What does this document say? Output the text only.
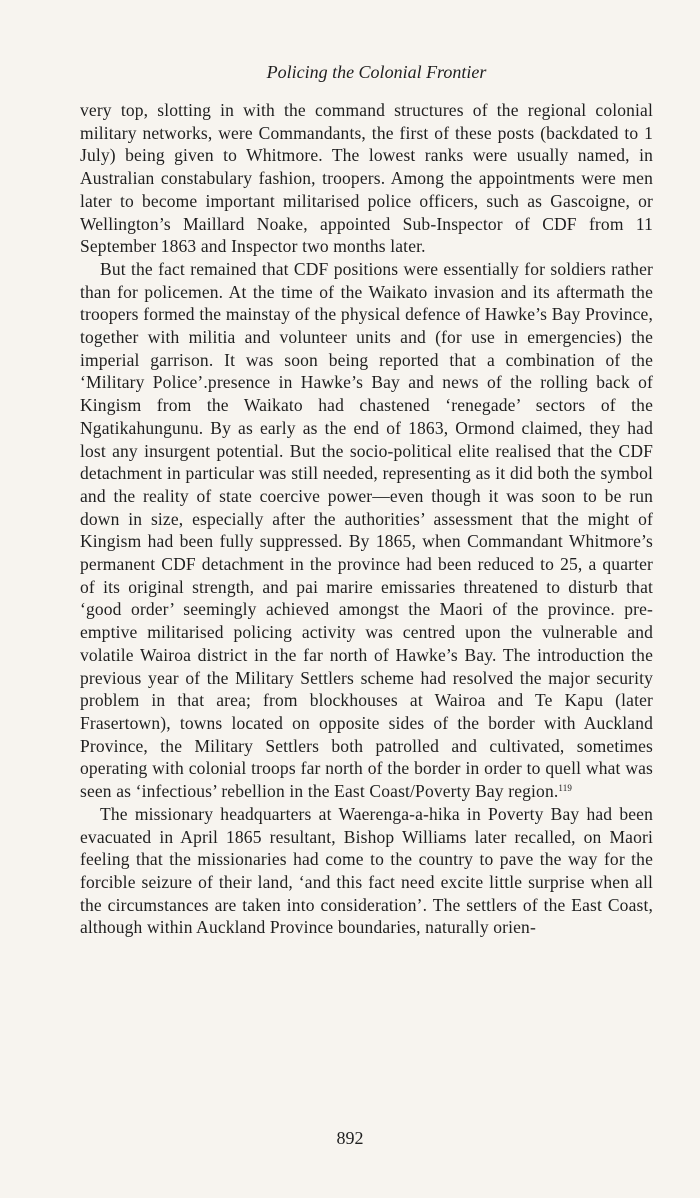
Policing the Colonial Frontier

very top, slotting in with the command structures of the regional colonial military networks, were Commandants, the first of these posts (backdated to 1 July) being given to Whitmore. The lowest ranks were usually named, in Australian constabulary fashion, troopers. Among the appointments were men later to become important militarised police officers, such as Gascoigne, or Wellington’s Maillard Noake, appointed Sub-Inspector of CDF from 11 September 1863 and Inspector two months later.

But the fact remained that CDF positions were essentially for soldiers rather than for policemen. At the time of the Waikato invasion and its aftermath the troopers formed the mainstay of the physical defence of Hawke’s Bay Province, together with militia and volunteer units and (for use in emergencies) the imperial garrison. It was soon being reported that a combination of the ‘Military Police’.presence in Hawke’s Bay and news of the rolling back of Kingism from the Waikato had chastened ‘renegade’ sectors of the Ngatikahungunu. By as early as the end of 1863, Ormond claimed, they had lost any insurgent potential. But the socio-political elite realised that the CDF detachment in particular was still needed, representing as it did both the symbol and the reality of state coercive power—even though it was soon to be run down in size, especially after the authorities’ assessment that the might of Kingism had been fully suppressed. By 1865, when Commandant Whitmore’s permanent CDF detachment in the province had been reduced to 25, a quarter of its original strength, and pai marire emissaries threatened to disturb that ‘good order’ seemingly achieved amongst the Maori of the province. pre-emptive militarised policing activity was centred upon the vulnerable and volatile Wairoa district in the far north of Hawke’s Bay. The introduction the previous year of the Military Settlers scheme had resolved the major security problem in that area; from blockhouses at Wairoa and Te Kapu (later Frasertown), towns located on opposite sides of the border with Auckland Province, the Military Settlers both patrolled and cultivated, sometimes operating with colonial troops far north of the border in order to quell what was seen as ‘infectious’ rebellion in the East Coast/Poverty Bay region.$^{119}$

The missionary headquarters at Waerenga-a-hika in Poverty Bay had been evacuated in April 1865 resultant, Bishop Williams later recalled, on Maori feeling that the missionaries had come to the country to pave the way for the forcible seizure of their land, ‘and this fact need excite little surprise when all the circumstances are taken into consideration’. The settlers of the East Coast, although within Auckland Province boundaries, naturally orien-

892
